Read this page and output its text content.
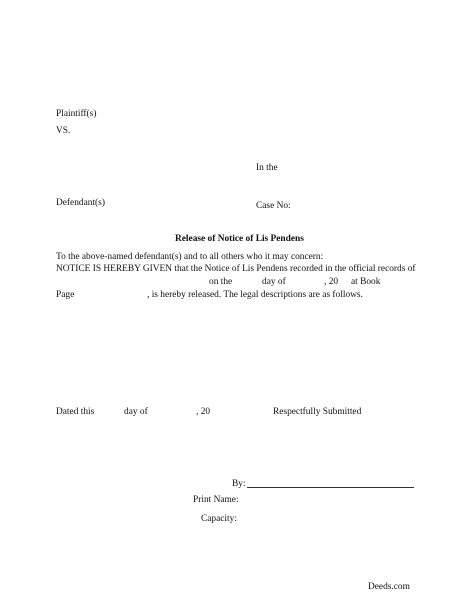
Plaintiff(s)

VS.

In the

Defendant(s)	Case No:

Release of Notice of Lis Pendens

To the above-named defendant(s) and to all others who it may concern:

NOTICE IS HEREBY GIVEN that the Notice of Lis Pendens recorded in the official records of

on the	day of	, 20 at Book

Page	, is hereby released. The legal descriptions are as follows.

Dated this	day of	, 20	Respectfully Submitted

By:

Print Name:

Capacity:

Deeds.com
